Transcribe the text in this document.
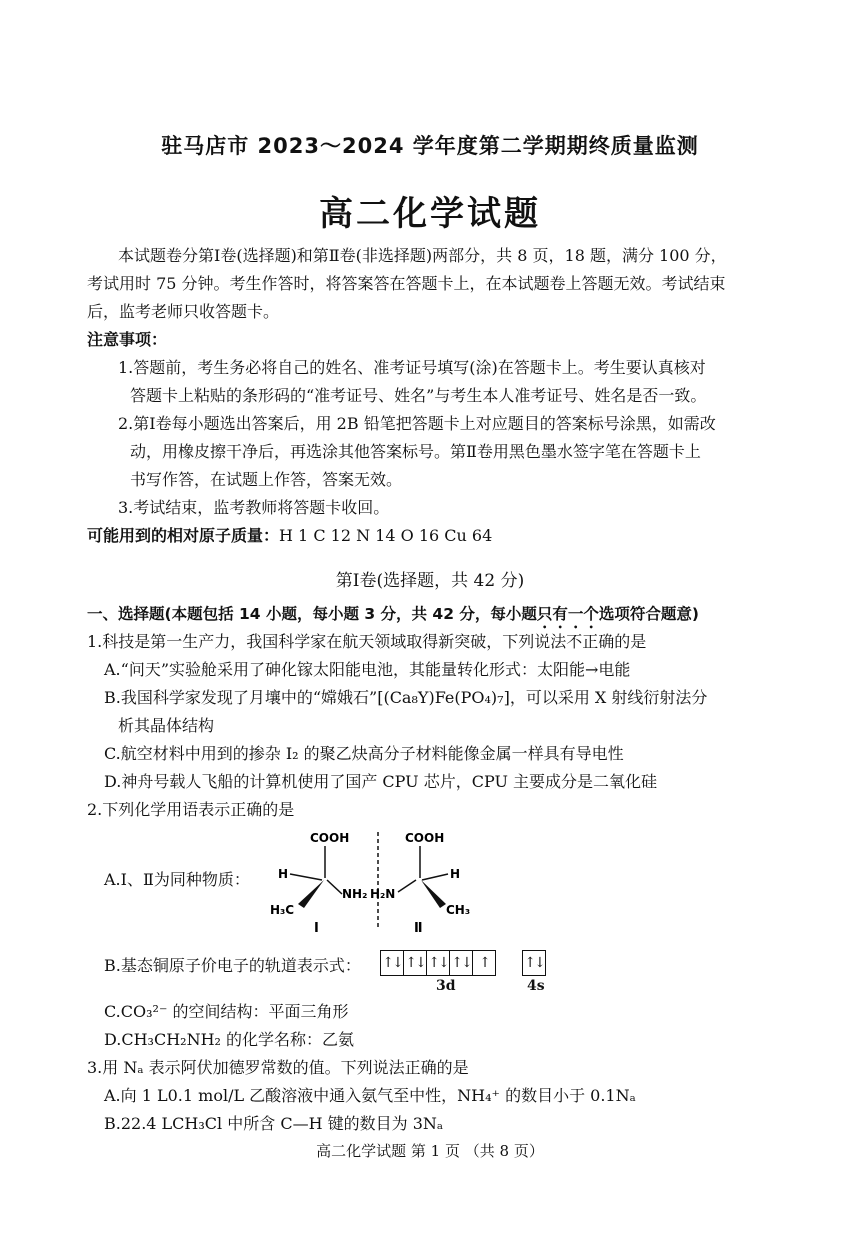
驻马店市 2023～2024 学年度第二学期期终质量监测
高二化学试题
本试题卷分第Ⅰ卷(选择题)和第Ⅱ卷(非选择题)两部分，共 8 页，18 题，满分 100 分，
考试用时 75 分钟。考生作答时，将答案答在答题卡上，在本试题卷上答题无效。考试结束
后，监考老师只收答题卡。
注意事项：
1.答题前，考生务必将自己的姓名、准考证号填写(涂)在答题卡上。考生要认真核对
答题卡上粘贴的条形码的“准考证号、姓名”与考生本人准考证号、姓名是否一致。
2.第Ⅰ卷每小题选出答案后，用 2B 铅笔把答题卡上对应题目的答案标号涂黑，如需改
动，用橡皮擦干净后，再选涂其他答案标号。第Ⅱ卷用黑色墨水签字笔在答题卡上
书写作答，在试题上作答，答案无效。
3.考试结束，监考教师将答题卡收回。
可能用到的相对原子质量：H 1 C 12 N 14 O 16 Cu 64
第Ⅰ卷(选择题，共 42 分)
一、选择题(本题包括 14 小题，每小题 3 分，共 42 分，每小题只有一个选项符合题意)
1.科技是第一生产力，我国科学家在航天领域取得新突破，下列说法不正确的是
A.“问天”实验舱采用了砷化镓太阳能电池，其能量转化形式：太阳能→电能
B.我国科学家发现了月壤中的“嫦娥石”[(Ca₈Y)Fe(PO₄)₇]，可以采用 X 射线衍射法分
析其晶体结构
C.航空材料中用到的掺杂 I₂ 的聚乙炔高分子材料能像金属一样具有导电性
D.神舟号载人飞船的计算机使用了国产 CPU 芯片，CPU 主要成分是二氧化硅
2.下列化学用语表示正确的是
A.Ⅰ、Ⅱ为同种物质：
COOH
H
NH₂
H₃C
Ⅰ
COOH
H₂N
H
CH₃
Ⅱ
B.基态铜原子价电子的轨道表示式： ↑↓ ↑↓ ↑↓ ↑↓ ↑	↑↓
3d	4s
C.CO₃²⁻ 的空间结构：平面三角形
D.CH₃CH₂NH₂ 的化学名称：乙氨
3.用 Nₐ 表示阿伏加德罗常数的值。下列说法正确的是
A.向 1 L0.1 mol/L 乙酸溶液中通入氨气至中性，NH₄⁺ 的数目小于 0.1Nₐ
B.22.4 LCH₃Cl 中所含 C—H 键的数目为 3Nₐ
高二化学试题 第 1 页 （共 8 页）
